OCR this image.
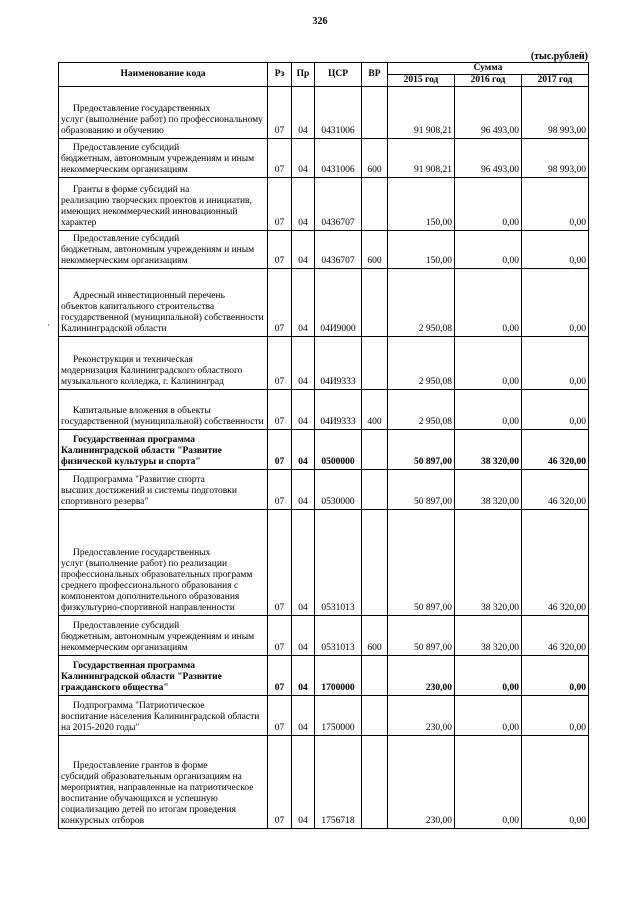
326
(тыс.рублей)
·
Наименование кода	Рз	Пр	ЦСР	ВР	Сумма		
					2015 год	2016 год	2017 год

Предоставление государственных
услуг (выполнение работ) по профессиональному образованию и обучению	07	04	0431006		91 908,21	96 493,00	98 993,00

Предоставление субсидий
бюджетным, автономным учреждениям и иным некоммерческим организациям	07	04	0431006	600	91 908,21	96 493,00	98 993,00

Гранты в форме субсидий на
реализацию творческих проектов и инициатив, имеющих некоммерческий инновационный характер	07	04	0436707		150,00	0,00	0,00

Предоставление субсидий
бюджетным, автономным учреждениям и иным некоммерческим организациям	07	04	0436707	600	150,00	0,00	0,00

Адресный инвестиционный перечень
объектов капитального строительства государственной (муниципальной) собственности Калининградской области	07	04	04И9000		2 950,08	0,00	0,00

Реконструкция и техническая
модернизация Калининградского областного музыкального колледжа, г. Калининград	07	04	04И9333		2 950,08	0,00	0,00

Капитальные вложения в объекты
государственной (муниципальной) собственности	07	04	04И9333	400	2 950,08	0,00	0,00

Государственная программа
Калининградской области "Развитие физической культуры и спорта"	07	04	0500000		50 897,00	38 320,00	46 320,00

Подпрограмма "Развитие спорта
высших достижений и системы подготовки спортивного резерва"	07	04	0530000		50 897,00	38 320,00	46 320,00

Предоставление государственных
услуг (выполнение работ) по реализации профессиональных образовательных программ среднего профессионального образования с компонентом дополнительного образования физкультурно-спортивной направленности	07	04	0531013		50 897,00	38 320,00	46 320,00

Предоставление субсидий
бюджетным, автономным учреждениям и иным некоммерческим организациям	07	04	0531013	600	50 897,00	38 320,00	46 320,00

Государственная программа
Калининградской области "Развитие гражданского общества"	07	04	1700000		230,00	0,00	0,00

Подпрограмма "Патриотическое
воспитание населения Калининградской области на 2015-2020 годы"	07	04	1750000		230,00	0,00	0,00

Предоставление грантов в форме
субсидий образовательным организациям на мероприятия, направленные на патриотическое воспитание обучающихся и успешную социализацию детей по итогам проведения конкурсных отборов	07	04	1756718		230,00	0,00	0,00
